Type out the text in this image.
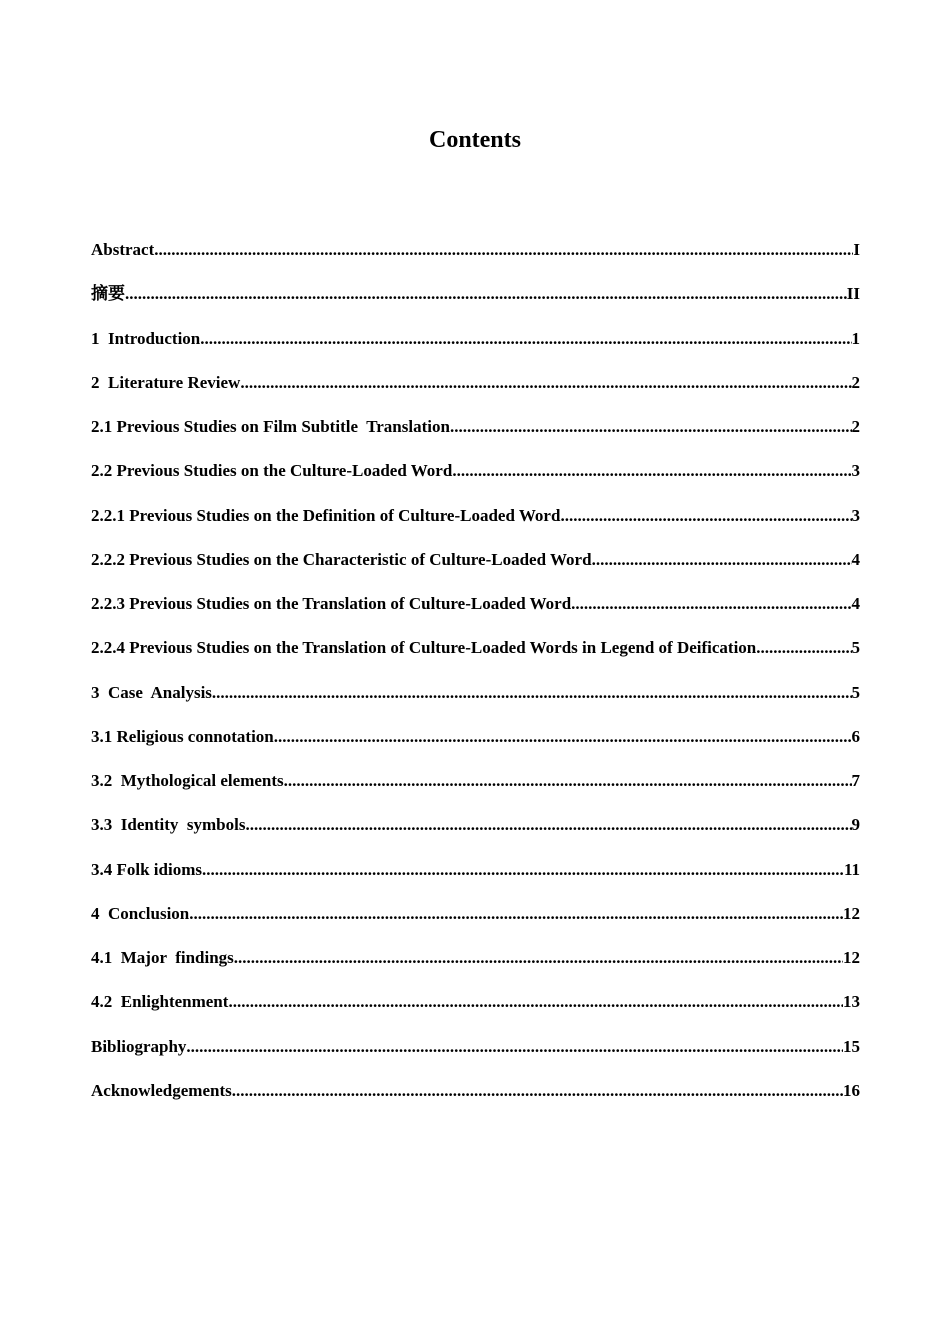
Contents
Abstract .....	I
摘要 .....	II
1  Introduction .....	1
2  Literature Review .....	2
2.1 Previous Studies on Film Subtitle  Translation .....	2
2.2 Previous Studies on the Culture-Loaded Word .....	3
2.2.1 Previous Studies on the Definition of Culture-Loaded Word .....	3
2.2.2 Previous Studies on the Characteristic of Culture-Loaded Word .....	4
2.2.3 Previous Studies on the Translation of Culture-Loaded Word .....	4
2.2.4 Previous Studies on the Translation of Culture-Loaded Words in Legend of Deification .....	5
3  Case  Analysis .....	5
3.1 Religious connotation .....	6
3.2  Mythological elements .....	7
3.3  Identity  symbols .....	9
3.4 Folk idioms .....	11
4  Conclusion .....	12
4.1  Major  findings .....	12
4.2  Enlightenment .....	13
Bibliography .....	15
Acknowledgements .....	16
